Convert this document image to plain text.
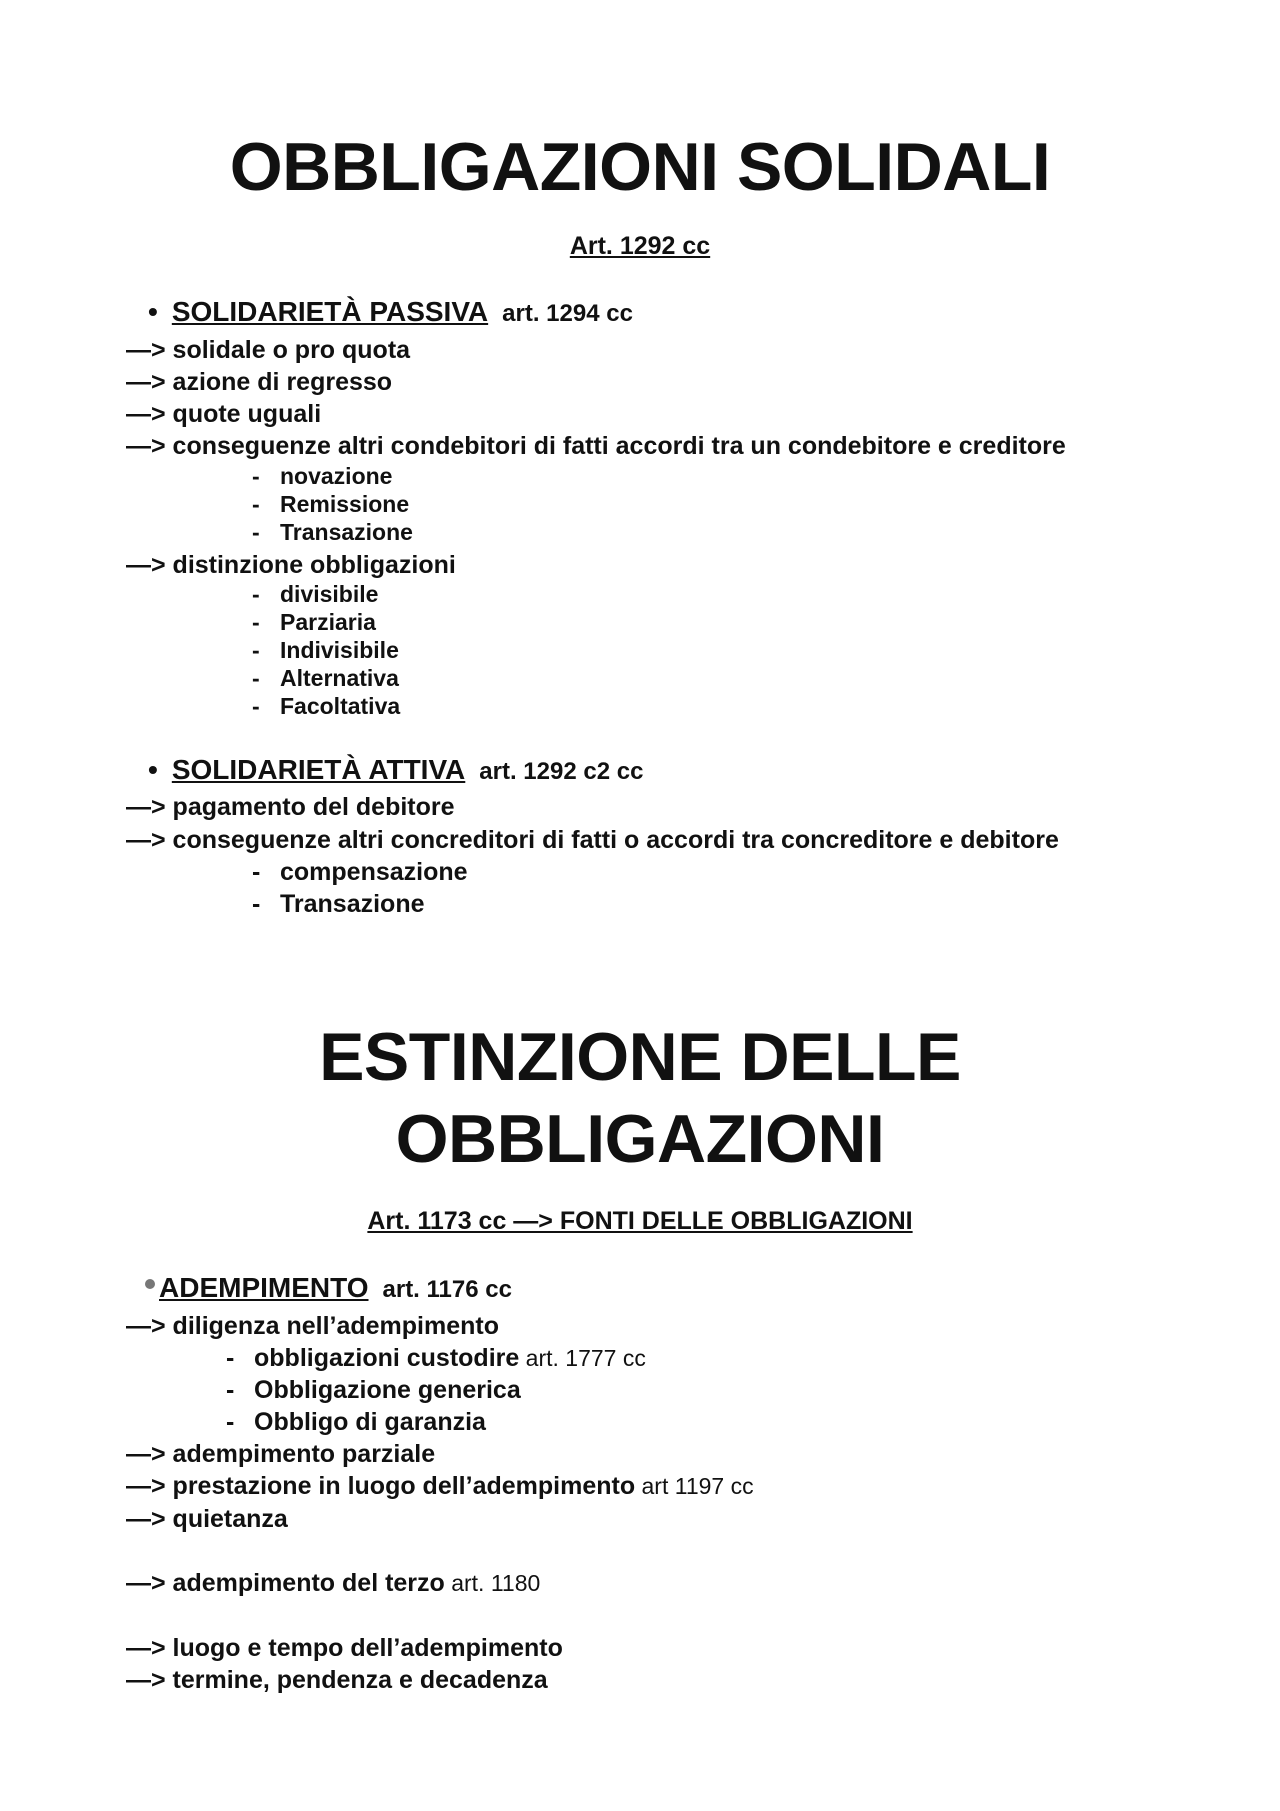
OBBLIGAZIONI SOLIDALI
Art. 1292 cc
• SOLIDARIETÀ PASSIVA art. 1294 cc
—> solidale o pro quota
—> azione di regresso
—> quote uguali
—> conseguenze altri condebitori di fatti accordi tra un condebitore e creditore
- novazione
- Remissione
- Transazione
—> distinzione obbligazioni
- divisibile
- Parziaria
- Indivisibile
- Alternativa
- Facoltativa
• SOLIDARIETÀ ATTIVA art. 1292 c2 cc
—> pagamento del debitore
—> conseguenze altri concreditori di fatti o accordi tra concreditore e debitore
- compensazione
- Transazione
ESTINZIONE DELLE
OBBLIGAZIONI
Art. 1173 cc —> FONTI DELLE OBBLIGAZIONI
ADEMPIMENTO art. 1176 cc
—> diligenza nell’adempimento
- obbligazioni custodire art. 1777 cc
- Obbligazione generica
- Obbligo di garanzia
—> adempimento parziale
—> prestazione in luogo dell’adempimento art 1197 cc
—> quietanza
—> adempimento del terzo art. 1180
—> luogo e tempo dell’adempimento
—> termine, pendenza e decadenza
